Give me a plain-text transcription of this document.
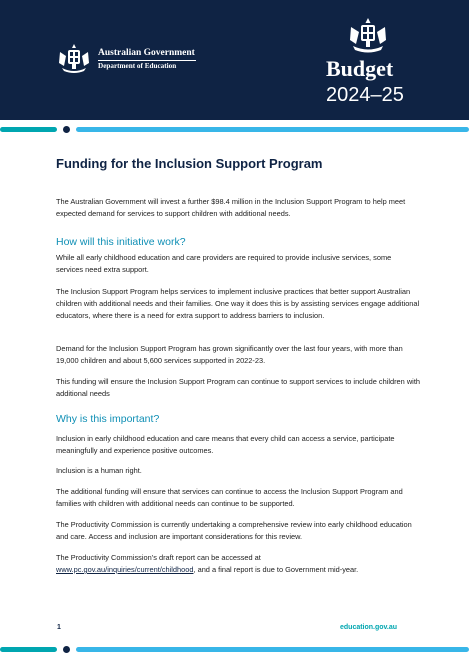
Australian Government
Department of Education	Budget
2024–25
Funding for the Inclusion Support Program

The Australian Government will invest a further $98.4 million in the Inclusion Support Program to help meet expected demand for services to support children with additional needs.

How will this initiative work?

While all early childhood education and care providers are required to provide inclusive services, some services need extra support.

The Inclusion Support Program helps services to implement inclusive practices that better support Australian children with additional needs and their families. One way it does this is by assisting services engage additional educators, where there is a need for extra support to address barriers to inclusion.

Demand for the Inclusion Support Program has grown significantly over the last four years, with more than 19,000 children and about 5,600 services supported in 2022-23.

This funding will ensure the Inclusion Support Program can continue to support services to include children with additional needs

Why is this important?

Inclusion in early childhood education and care means that every child can access a service, participate meaningfully and experience positive outcomes.

Inclusion is a human right.

The additional funding will ensure that services can continue to access the Inclusion Support Program and families with children with additional needs can continue to be supported.

The Productivity Commission is currently undertaking a comprehensive review into early childhood education and care. Access and inclusion are important considerations for this review.

The Productivity Commission’s draft report can be accessed at
www.pc.gov.au/inquiries/current/childhood, and a final report is due to Government mid-year.

1	education.gov.au
